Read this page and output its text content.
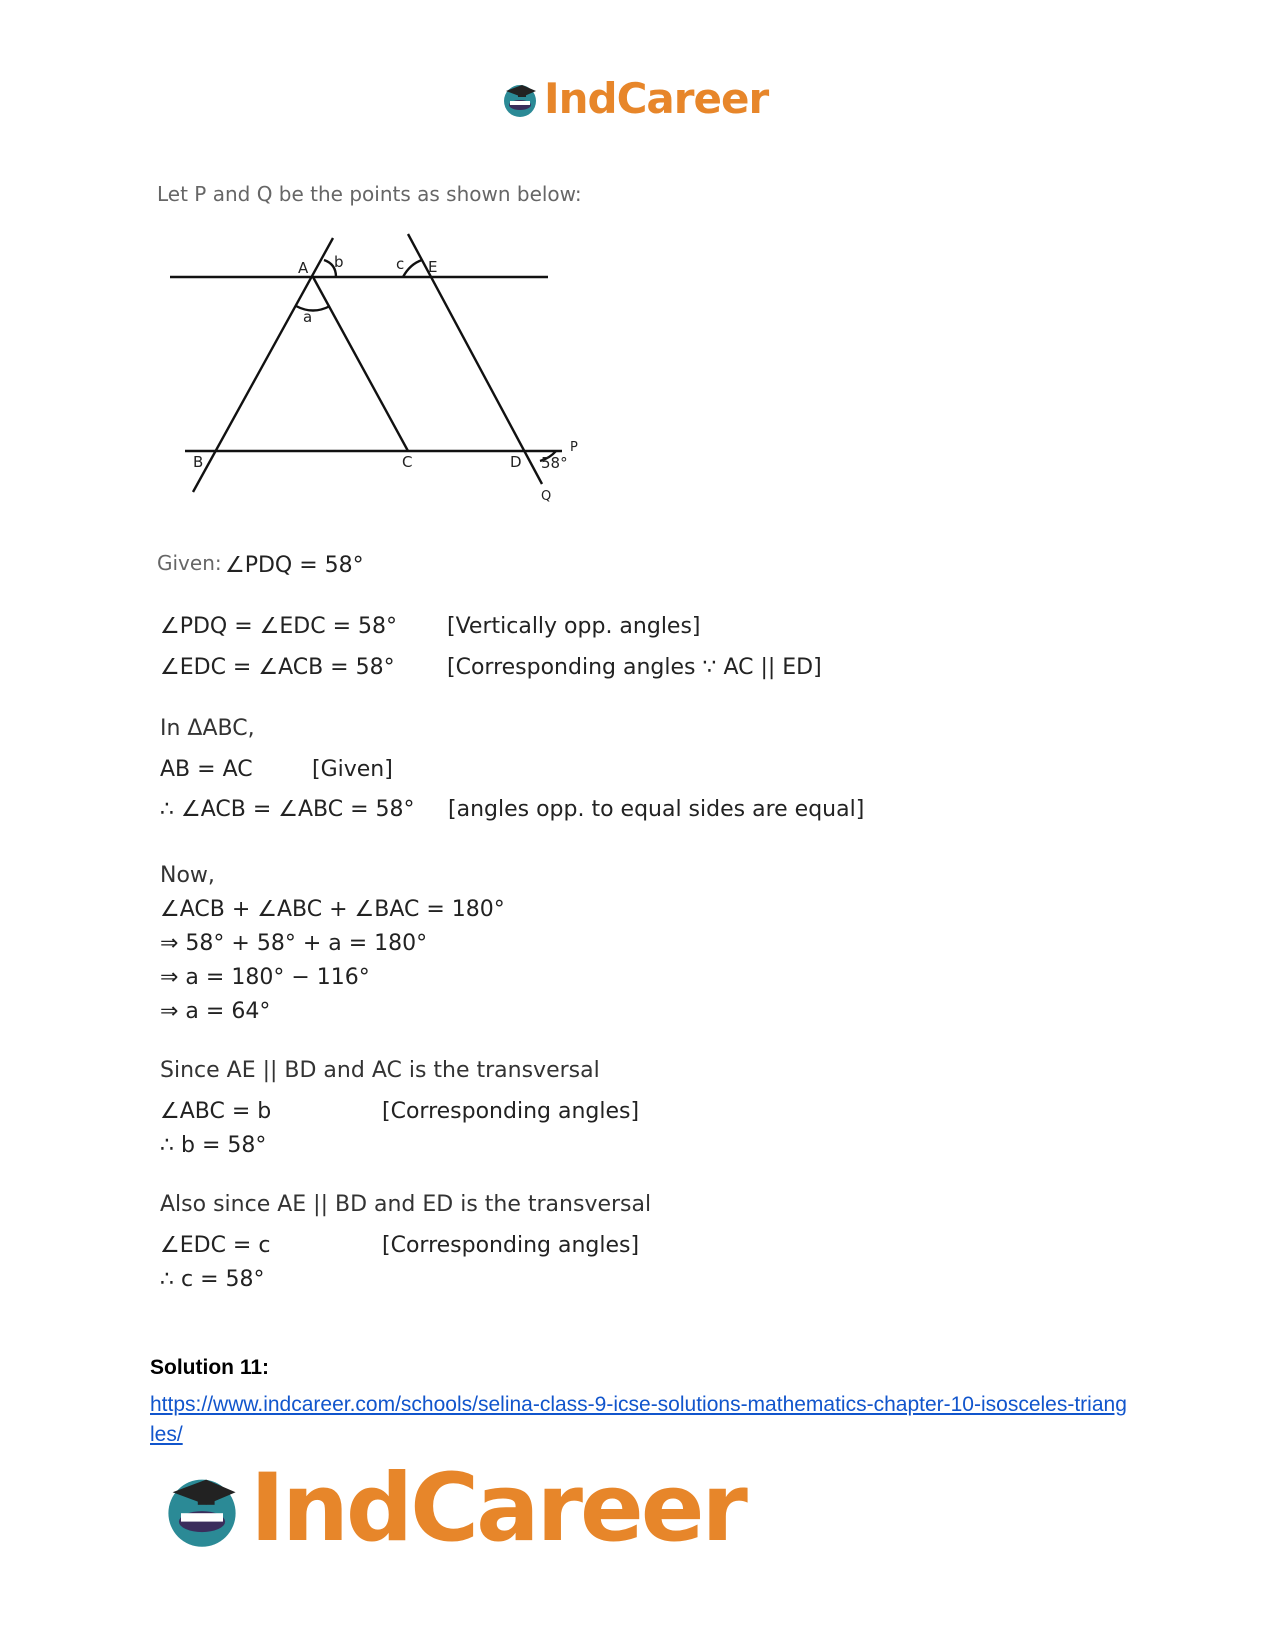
IndCareer
Let P and Q be the points as shown below:
A b	c E
a
B	C	D 58°
P
Q
Given: ∠PDQ = 58°
∠PDQ = ∠EDC = 58° [Vertically opp. angles]
∠EDC = ∠ACB = 58° [Corresponding angles ∵ AC || ED]
In ΔABC,
AB = AC	[Given]
∴ ∠ACB = ∠ABC = 58° [angles opp. to equal sides are equal]
Now,
∠ACB + ∠ABC + ∠BAC = 180°
⇒ 58° + 58° + a = 180°
⇒ a = 180° − 116°
⇒ a = 64°
Since AE || BD and AC is the transversal
∠ABC = b	[Corresponding angles]
∴ b = 58°
Also since AE || BD and ED is the transversal
∠EDC = c	[Corresponding angles]
∴ c = 58°
Solution 11:
https://www.indcareer.com/schools/selina-class-9-icse-solutions-mathematics-chapter-10-isosceles-triangles/
IndCareer
